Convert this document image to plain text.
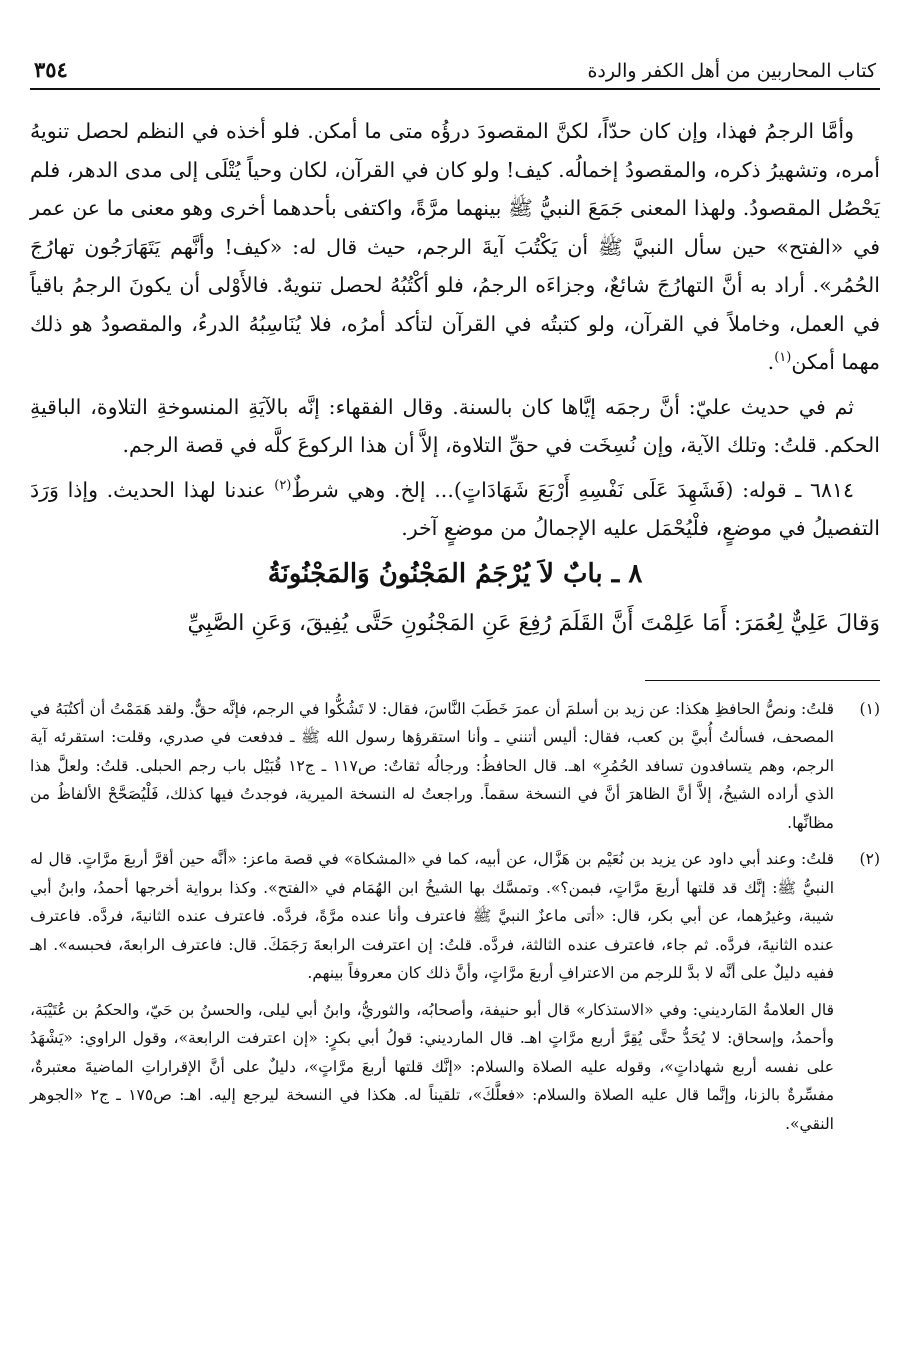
كتاب المحاربين من أهل الكفر والردة
٣٥٤

وأمَّا الرجمُ فهذا، وإن كان حدّاً، لكنَّ المقصودَ درؤُه متى ما أمكن. فلو أخذه في النظم لحصل تنويهُ أمره، وتشهيرُ ذكره، والمقصودُ إخمالُه. كيف! ولو كان في القرآن، لكان وحياً يُتْلَى إلى مدى الدهر، فلم يَحْصُل المقصودُ. ولهذا المعنى جَمَعَ النبيُّ ﷺ بينهما مرَّةً، واكتفى بأحدهما أخرى وهو معنى ما عن عمر في «الفتح» حين سأل النبيَّ ﷺ أن يَكْتُبَ آيةَ الرجم، حيث قال له: «كيف! وأنَّهم يَتَهَارَجُون تهارُجَ الحُمُر». أراد به أنَّ التهارُجَ شائعٌ، وجزاءَه الرجمُ، فلو أكْتُبُهُ لحصل تنويهٌ. فالأَوْلى أن يكونَ الرجمُ باقياً في العمل، وخاملاً في القرآن، ولو كتبتُه في القرآن لتأكد أمرُه، فلا يُنَاسِبُهُ الدرءُ، والمقصودُ هو ذلك مهما أمكن$^{(١)}$.

ثم في حديث عليّ: أنَّ رجمَه إيَّاها كان بالسنة. وقال الفقهاء: إنَّه بالآيَةِ المنسوخةِ التلاوة، الباقيةِ الحكم. قلتُ: وتلك الآية، وإن نُسِخَت في حقِّ التلاوة، إلاَّ أن هذا الركوعَ كلَّه في قصة الرجم.

٦٨١٤ ـ قوله: (فَشَهِدَ عَلَى نَفْسِهِ أَرْبَعَ شَهَادَاتٍ)... إلخ. وهي شرطٌ$^{(٢)}$ عندنا لهذا الحديث. وإذا وَرَدَ التفصيلُ في موضعٍ، فلْيُحْمَل عليه الإجمالُ من موضعٍ آخر.

٨ ـ بابٌ لاَ يُرْجَمُ المَجْنُونُ وَالمَجْنُونَةُ
وَقالَ عَلِيٌّ لِعُمَرَ: أَمَا عَلِمْتَ أَنَّ القَلَمَ رُفِعَ عَنِ المَجْنُونِ حَتَّى يُفِيقَ، وَعَنِ الصَّبِيِّ
(١)
قلتُ: ونصُّ الحافظِ هكذا: عن زيد بن أسلمَ أن عمرَ خَطَبَ النَّاسَ، فقال: لا تَشُكُّوا في الرجم، فإنَّه حقٌّ. ولقد هَمَمْتُ أن أكتُبَهُ في المصحف، فسألتُ أُبيَّ بن كعب، فقال: أليس أتنني ـ وأنا استقرؤها رسول الله ﷺ ـ فدفعت في صدري، وقلت: استقرئه آية الرجم، وهم يتسافدون تسافد الحُمُرِ» اهـ. قال الحافظُ: ورجالُه ثقاتٌ: ص١١٧ ـ ج١٢ قُبَيْل باب رجم الحبلى. قلتُ: ولعلَّ هذا الذي أراده الشيخُ، إلاَّ أنَّ الظاهرَ أنَّ في النسخة سقماً. وراجعتُ له النسخة الميرية، فوجدتُ فيها كذلك، فَلْيُصَحَّحْ الألفاظُ من مظانِّها.
(٢)
قلتُ: وعند أبي داود عن يزيد بن نُعَيْم بن هَزَّال، عن أبيه، كما في «المشكاة» في قصة ماعز: «أنَّه حين أقرَّ أربعَ مرَّاتٍ. قال له النبيُّ ﷺ: إنَّك قد قلتها أربعَ مرَّاتٍ، فبمن؟». وتمسَّك بها الشيخُ ابن الهُمَام في «الفتح». وكذا برواية أخرجها أحمدُ، وابنُ أبي شيبة، وغيرُهما، عن أبي بكر، قال: «أتى ماعزٌ النبيَّ ﷺ فاعترف وأنا عنده مرَّةً، فردَّه. فاعترف عنده الثانيةَ، فردَّه. فاعترف عنده الثانيةَ، فردَّه. ثم جاء، فاعترف عنده الثالثة، فردَّه. قلتُ: إن اعترفت الرابعةَ رَجَمَكَ. قال: فاعترف الرابعةَ، فحبسه». اهـ ففيه دليلٌ على أنَّه لا بدَّ للرجم من الاعترافِ أربعَ مرَّاتٍ، وأنَّ ذلك كان معروفاً بينهم.
قال العلامةُ المَارديني: وفي «الاستذكار» قال أبو حنيفة، وأصحابُه، والثوريُّ، وابنُ أبي ليلى، والحسنُ بن حَيّ، والحكمُ بن عُتَيْبَة، وأحمدُ، وإسحاق: لا يُحَدُّ حتَّى يُقِرَّ أربع مرَّاتٍ اهـ. قال المارديني: قولُ أبي بكرٍ: «إن اعترفت الرابعة»، وقول الراوي: «يَشْهَدُ على نفسه أربع شهاداتٍ»، وقوله عليه الصلاة والسلام: «إنَّك قلتها أربعَ مرَّاتٍ»، دليلٌ على أنَّ الإقراراتِ الماضيةَ معتبرةٌ، مفسِّرةٌ بالزنا، وإنَّما قال عليه الصلاة والسلام: «فعلَّكَ»، تلقيناً له. هكذا في النسخة ليرجع إليه. اهـ: ص١٧٥ ـ ج٢ «الجوهر النقي».
